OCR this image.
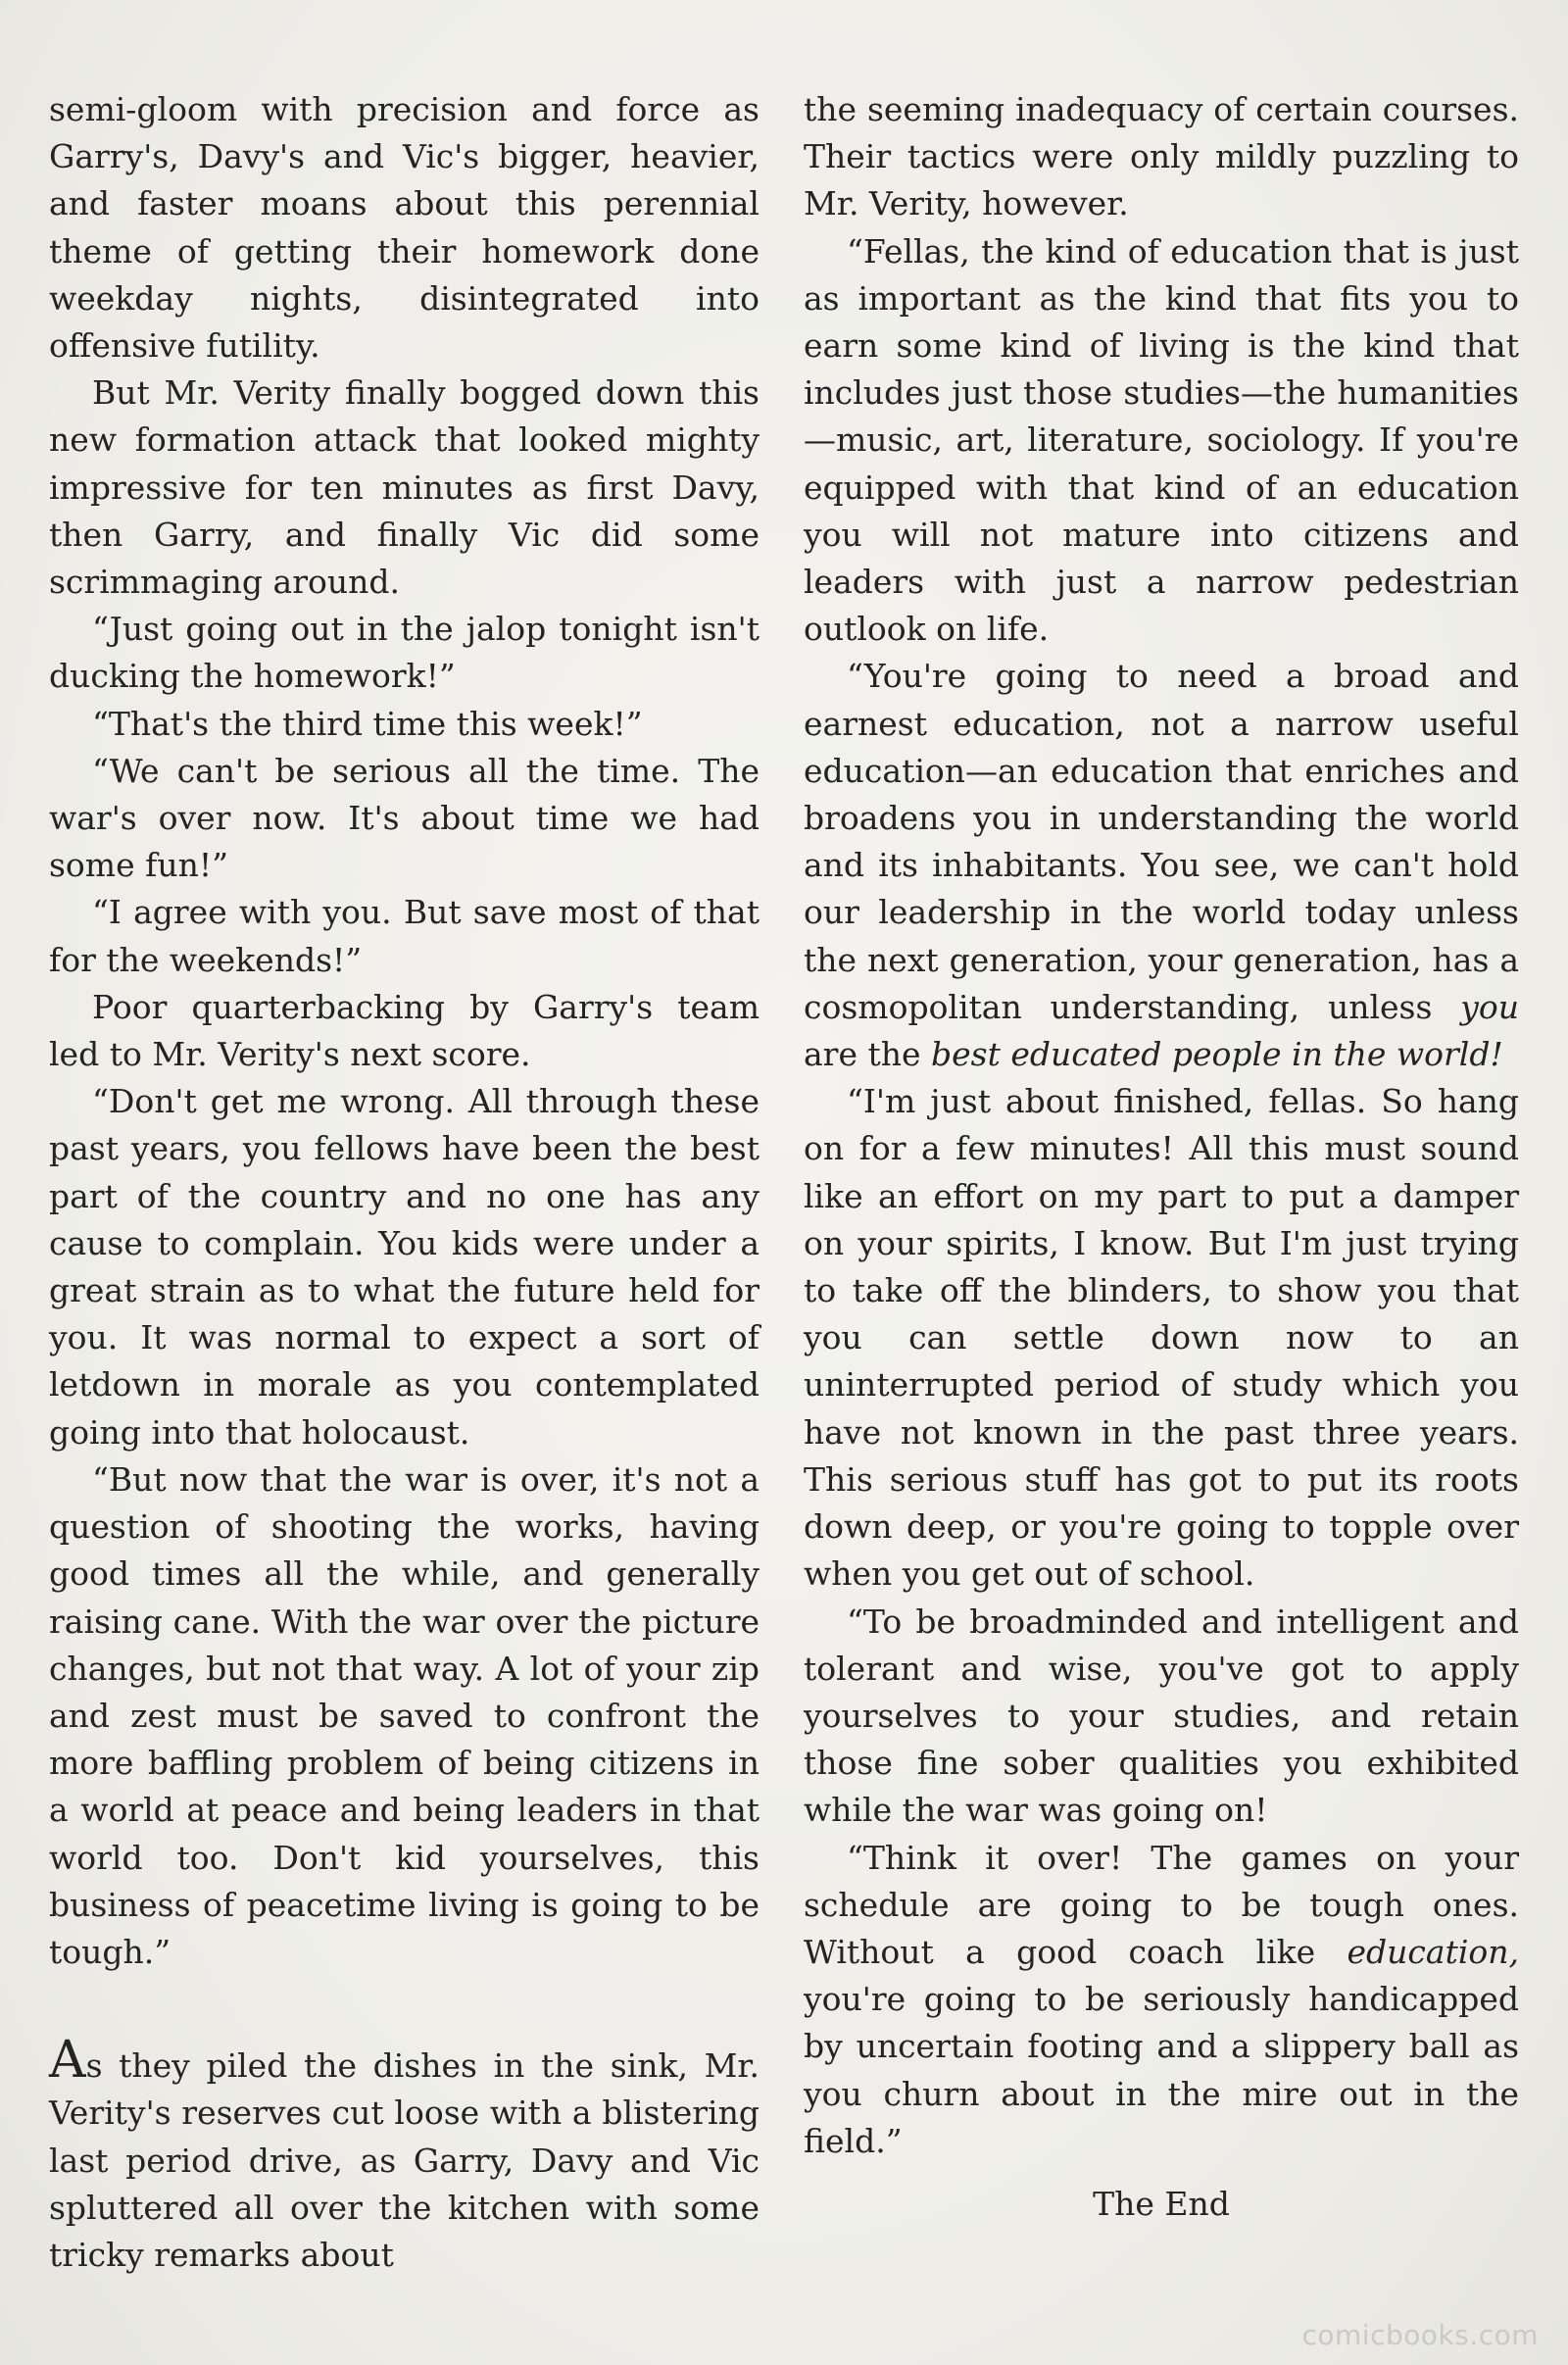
semi-gloom with precision and force as Garry's, Davy's and Vic's bigger, heavier, and faster moans about this perennial theme of getting their homework done weekday nights, disintegrated into offensive futility.

But Mr. Verity finally bogged down this new formation attack that looked mighty impressive for ten minutes as first Davy, then Garry, and finally Vic did some scrimmaging around.

“Just going out in the jalop tonight isn't ducking the homework!”

“That's the third time this week!”

“We can't be serious all the time. The war's over now. It's about time we had some fun!”

“I agree with you. But save most of that for the weekends!”

Poor quarterbacking by Garry's team led to Mr. Verity's next score.

“Don't get me wrong. All through these past years, you fellows have been the best part of the country and no one has any cause to complain. You kids were under a great strain as to what the future held for you. It was normal to expect a sort of letdown in morale as you contemplated going into that holocaust.

“But now that the war is over, it's not a question of shooting the works, having good times all the while, and generally raising cane. With the war over the picture changes, but not that way. A lot of your zip and zest must be saved to confront the more baffling problem of being citizens in a world at peace and being leaders in that world too. Don't kid yourselves, this business of peacetime living is going to be tough.”

As they piled the dishes in the sink, Mr. Verity's reserves cut loose with a blistering last period drive, as Garry, Davy and Vic spluttered all over the kitchen with some tricky remarks about

the seeming inadequacy of certain courses. Their tactics were only mildly puzzling to Mr. Verity, however.

“Fellas, the kind of education that is just as important as the kind that fits you to earn some kind of living is the kind that includes just those studies—the humanities—music, art, literature, sociology. If you're equipped with that kind of an education you will not mature into citizens and leaders with just a narrow pedestrian outlook on life.

“You're going to need a broad and earnest education, not a narrow useful education—an education that enriches and broadens you in understanding the world and its inhabitants. You see, we can't hold our leadership in the world today unless the next generation, your generation, has a cosmopolitan understanding, unless you are the best educated people in the world!

“I'm just about finished, fellas. So hang on for a few minutes! All this must sound like an effort on my part to put a damper on your spirits, I know. But I'm just trying to take off the blinders, to show you that you can settle down now to an uninterrupted period of study which you have not known in the past three years. This serious stuff has got to put its roots down deep, or you're going to topple over when you get out of school.

“To be broadminded and intelligent and tolerant and wise, you've got to apply yourselves to your studies, and retain those fine sober qualities you exhibited while the war was going on!

“Think it over! The games on your schedule are going to be tough ones. Without a good coach like education, you're going to be seriously handicapped by uncertain footing and a slippery ball as you churn about in the mire out in the field.”

The End

comicbooks.com
